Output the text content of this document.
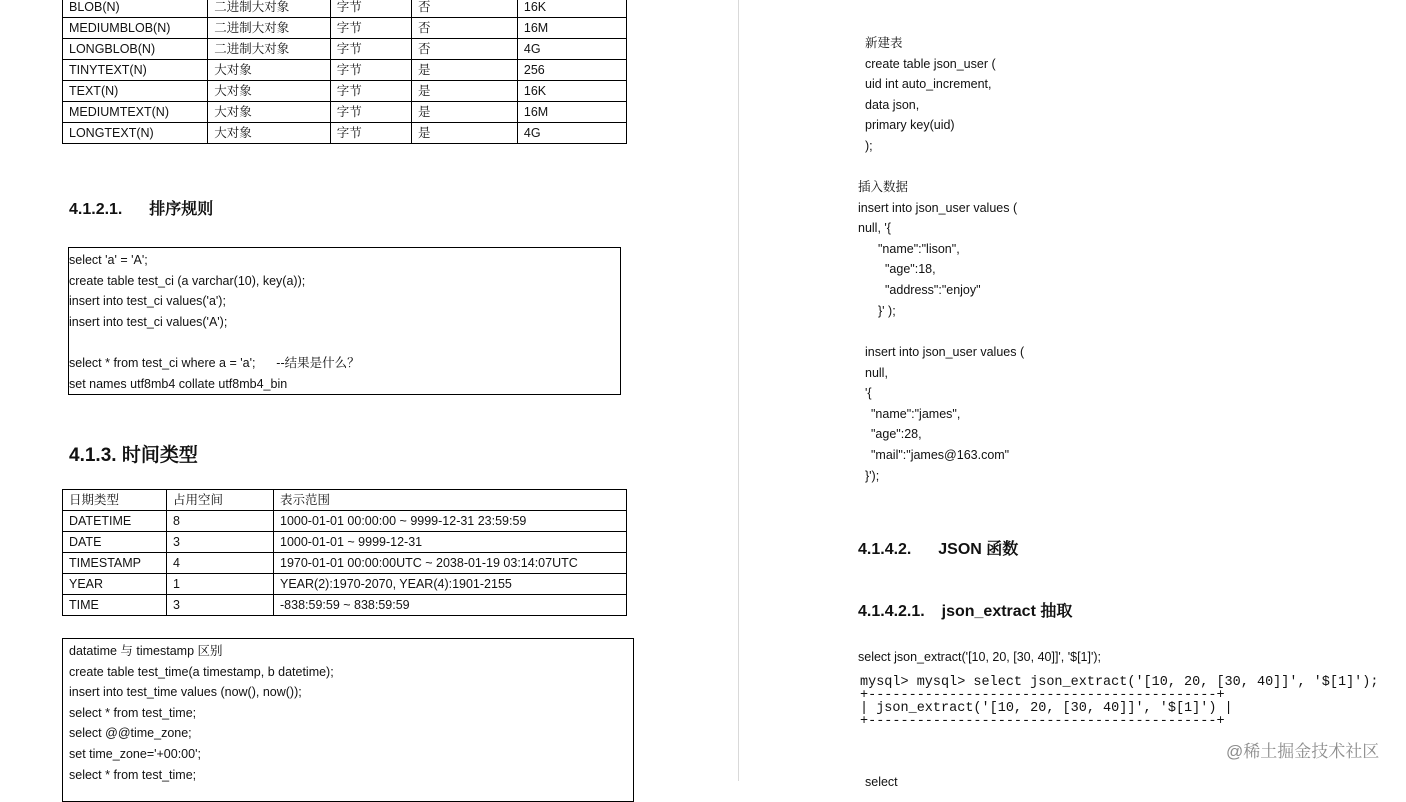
BLOB(N)	二进制大对象	字节	否	16K
MEDIUMBLOB(N)	二进制大对象	字节	否	16M
LONGBLOB(N)	二进制大对象	字节	否	4G
TINYTEXT(N)	大对象	字节	是	256
TEXT(N)	大对象	字节	是	16K
MEDIUMTEXT(N)	大对象	字节	是	16M
LONGTEXT(N)	大对象	字节	是	4G
4.1.2.1. 排序规则
select 'a' = 'A';
create table test_ci (a varchar(10), key(a));
insert into test_ci values('a');
insert into test_ci values('A');
select * from test_ci where a = 'a';      --结果是什么？
set names utf8mb4 collate utf8mb4_bin
4.1.3. 时间类型
日期类型	占用空间	表示范围
DATETIME	8	1000-01-01 00:00:00 ~ 9999-12-31 23:59:59
DATE	3	1000-01-01 ~ 9999-12-31
TIMESTAMP	4	1970-01-01 00:00:00UTC ~ 2038-01-19 03:14:07UTC
YEAR	1	YEAR(2):1970-2070, YEAR(4):1901-2155
TIME	3	-838:59:59 ~ 838:59:59
datatime 与 timestamp 区别
create table test_time(a timestamp, b datetime);
insert into test_time values (now(), now());
select * from test_time;
select @@time_zone;
set time_zone='+00:00';
select * from test_time;
新建表
create table json_user (
uid int auto_increment,
data json,
primary key(uid)
);
插入数据
insert into json_user values (
null, '{
"name":"lison",
"age":18,
"address":"enjoy"
}' );
insert into json_user values (
null,
'{
"name":"james",
"age":28,
"mail":"james@163.com"
}');
4.1.4.2. JSON 函数
4.1.4.2.1. json_extract 抽取
select json_extract('[10, 20, [30, 40]]', '$[1]');
mysql> mysql> select json_extract('[10, 20, [30, 40]]', '$[1]');
+-------------------------------------------+
| json_extract('[10, 20, [30, 40]]', '$[1]') |
+-------------------------------------------+
select
@稀土掘金技术社区
